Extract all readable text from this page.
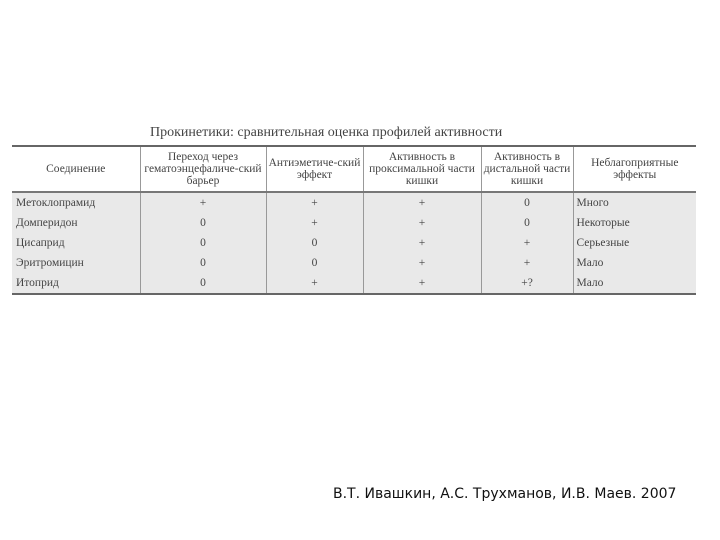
Прокинетики: сравнительная оценка профилей активности
Соединение	Переход через гематоэнцефаличе-ский барьер	Антиэметиче-ский эффект	Активность в проксимальной части кишки	Активность в дистальной части кишки	Неблагоприятные эффекты
Метоклопрамид	+	+	+	0	Много
Домперидон	0	+	+	0	Некоторые
Цисаприд	0	0	+	+	Серьезные
Эритромицин	0	0	+	+	Мало
Итоприд	0	+	+	+?	Мало
В.Т. Ивашкин, А.С. Трухманов, И.В. Маев. 2007
